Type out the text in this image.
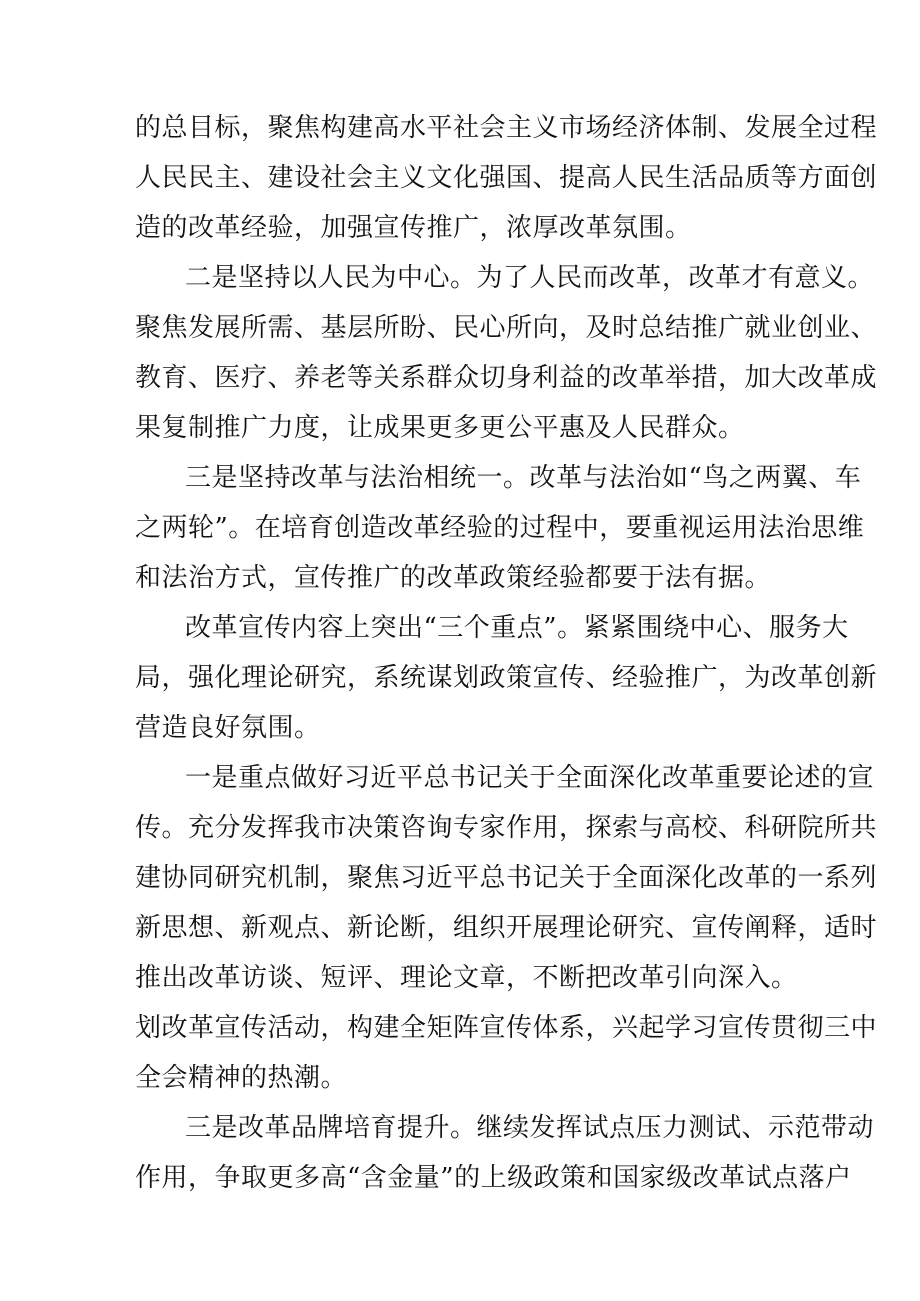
的总目标，聚焦构建高水平社会主义市场经济体制、发展全过程

人民民主、建设社会主义文化强国、提高人民生活品质等方面创

造的改革经验，加强宣传推广，浓厚改革氛围。

二是坚持以人民为中心。为了人民而改革，改革才有意义。

聚焦发展所需、基层所盼、民心所向，及时总结推广就业创业、

教育、医疗、养老等关系群众切身利益的改革举措，加大改革成

果复制推广力度，让成果更多更公平惠及人民群众。

三是坚持改革与法治相统一。改革与法治如“鸟之两翼、车

之两轮”。在培育创造改革经验的过程中，要重视运用法治思维

和法治方式，宣传推广的改革政策经验都要于法有据。

改革宣传内容上突出“三个重点”。紧紧围绕中心、服务大

局，强化理论研究，系统谋划政策宣传、经验推广，为改革创新

营造良好氛围。

一是重点做好习近平总书记关于全面深化改革重要论述的宣

传。充分发挥我市决策咨询专家作用，探索与高校、科研院所共

建协同研究机制，聚焦习近平总书记关于全面深化改革的一系列

新思想、新观点、新论断，组织开展理论研究、宣传阐释，适时

推出改革访谈、短评、理论文章，不断把改革引向深入。

划改革宣传活动，构建全矩阵宣传体系，兴起学习宣传贯彻三中

全会精神的热潮。

三是改革品牌培育提升。继续发挥试点压力测试、示范带动

作用，争取更多高“含金量”的上级政策和国家级改革试点落户
